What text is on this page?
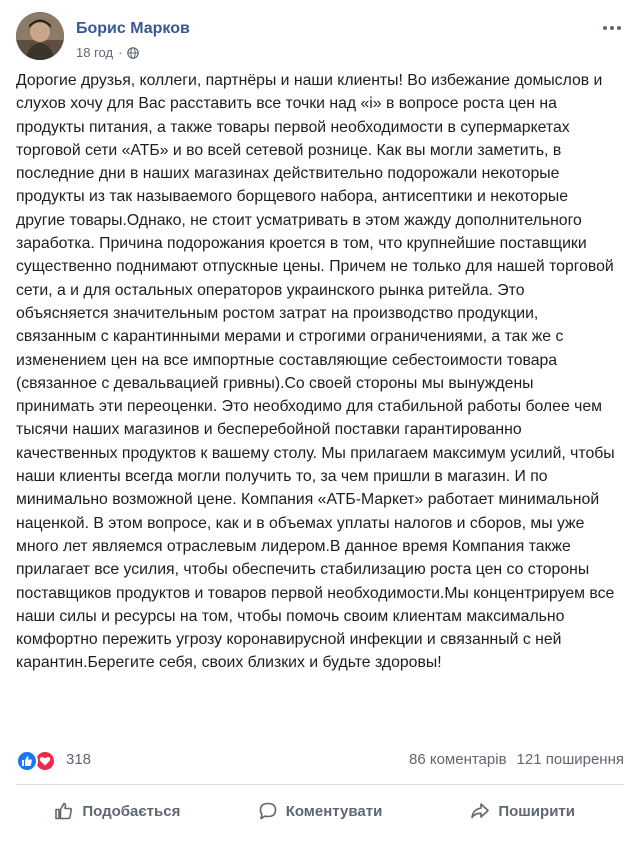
Борис Марков
18 год ·

Дорогие друзья, коллеги, партнёры и наши клиенты! Во избежание домыслов и слухов хочу для Вас расставить все точки над «і» в вопросе роста цен на продукты питания, а также товары первой необходимости в супермаркетах торговой сети «АТБ» и во всей сетевой рознице. Как вы могли заметить, в последние дни в наших магазинах действительно подорожали некоторые продукты из так называемого борщевого набора, антисептики и некоторые другие товары.Однако, не стоит усматривать в этом жажду дополнительного заработка. Причина подорожания кроется в том, что крупнейшие поставщики существенно поднимают отпускные цены. Причем не только для нашей торговой сети, а и для остальных операторов украинского рынка ритейла. Это объясняется значительным ростом затрат на производство продукции, связанным с карантинными мерами и строгими ограничениями, а так же с изменением цен на все импортные составляющие себестоимости товара (связанное с девальвацией гривны).Со своей стороны мы вынуждены принимать эти переоценки. Это необходимо для стабильной работы более чем тысячи наших магазинов и бесперебойной поставки гарантированно качественных продуктов к вашему столу. Мы прилагаем максимум усилий, чтобы наши клиенты всегда могли получить то, за чем пришли в магазин. И по минимально возможной цене. Компания «АТБ-Маркет» работает минимальной наценкой. В этом вопросе, как и в объемах уплаты налогов и сборов, мы уже много лет являемся отраслевым лидером.В данное время Компания также прилагает все усилия, чтобы обеспечить стабилизацию роста цен со стороны поставщиков продуктов и товаров первой необходимости.Мы концентрируем все наши силы и ресурсы на том, чтобы помочь своим клиентам максимально комфортно пережить угрозу коронавирусной инфекции и связанный с ней карантин.Берегите себя, своих близких и будьте здоровы!

318	86 коментарів 121 поширення
Подобається	Коментувати	Поширити
